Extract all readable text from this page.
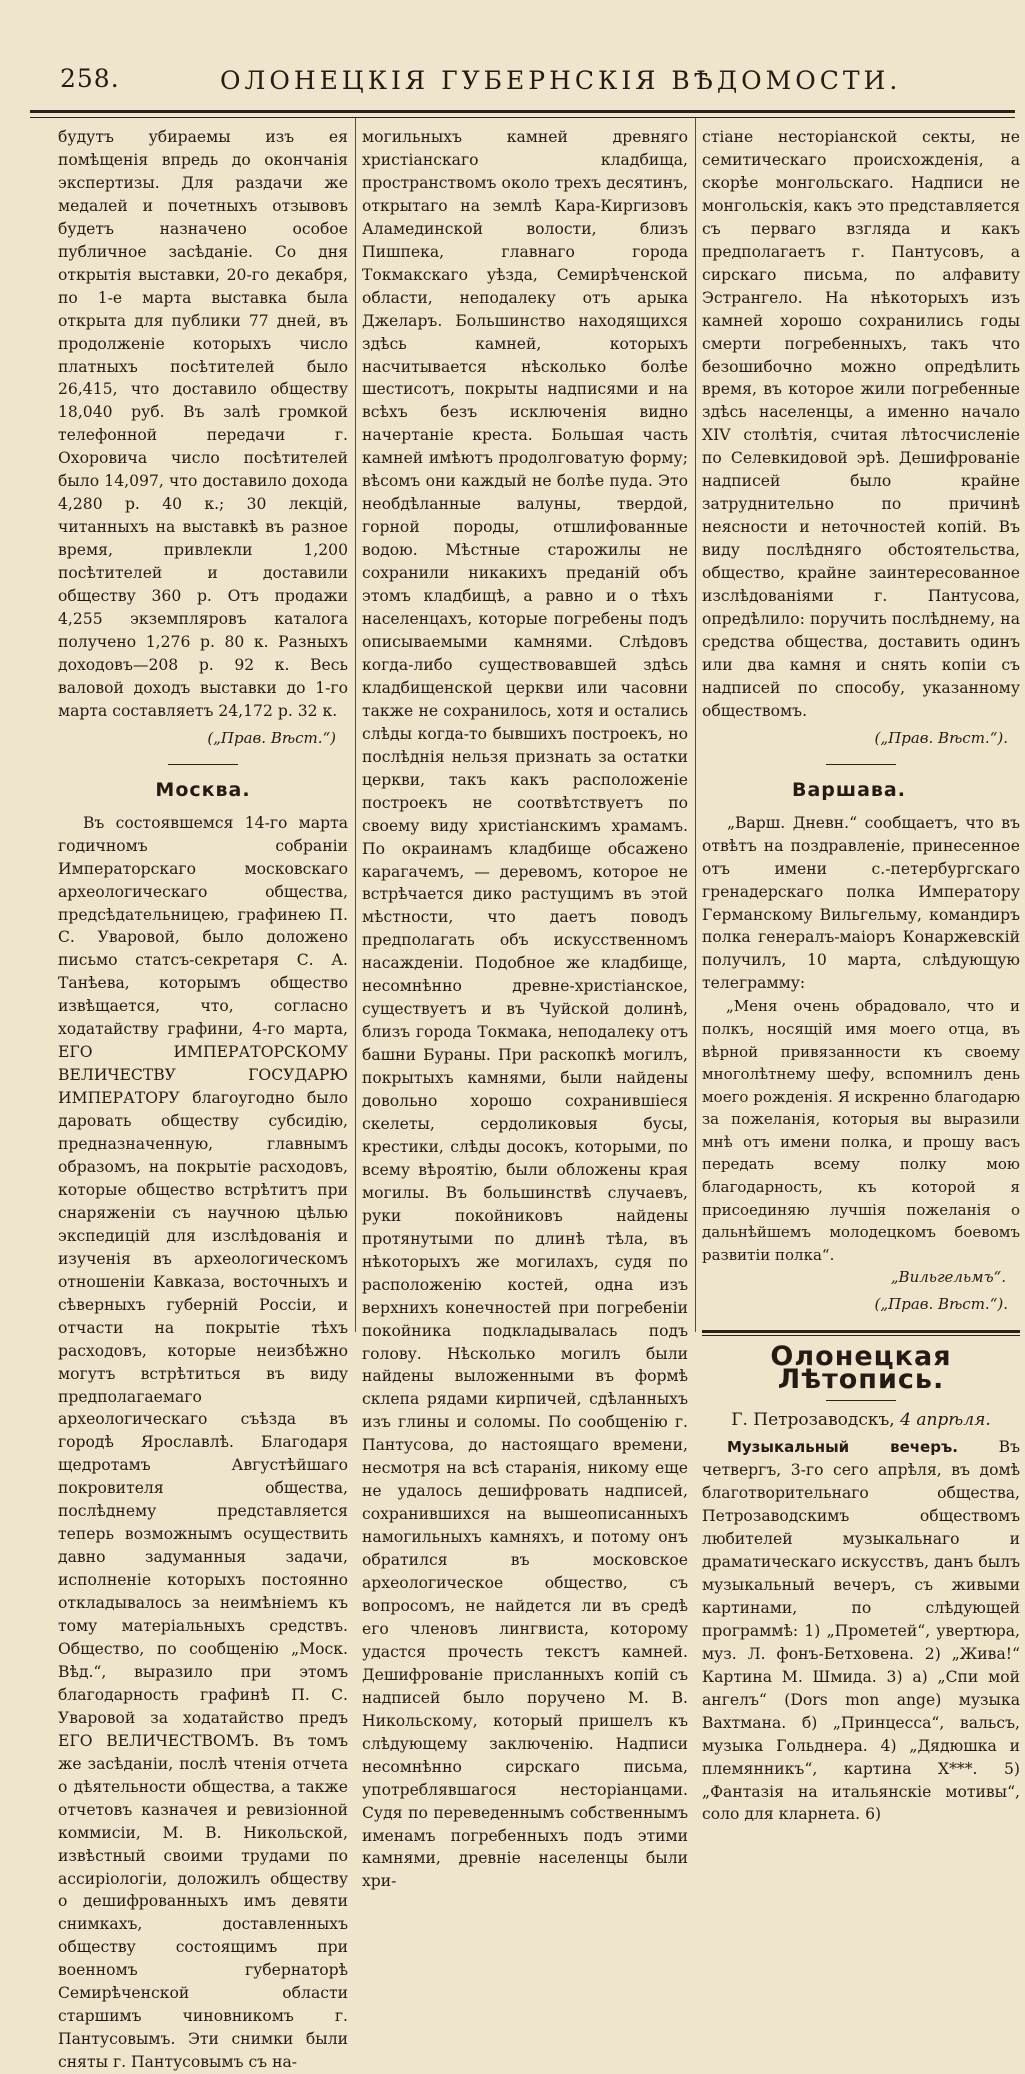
258.	ОЛОНЕЦКІЯ ГУБЕРНСКІЯ ВѢДОМОСТИ.

будутъ убираемы изъ ея помѣщенія впредь до окончанія экспертизы. Для раздачи же медалей и почетныхъ отзывовъ будетъ назначено особое публичное засѣданіе. Со дня открытія выставки, 20-го декабря, по 1-е марта выставка была открыта для публики 77 дней, въ продолженіе которыхъ число платныхъ посѣтителей было 26,415, что доставило обществу 18,040 руб. Въ залѣ громкой телефонной передачи г. Охоровича число посѣтителей было 14,097, что доставило дохода 4,280 р. 40 к.; 30 лекцій, читанныхъ на выставкѣ въ разное время, привлекли 1,200 посѣтителей и доставили обществу 360 р. Отъ продажи 4,255 экземпляровъ каталога получено 1,276 р. 80 к. Разныхъ доходовъ—208 р. 92 к. Весь валовой доходъ выставки до 1-го марта составляетъ 24,172 р. 32 к.

(„Прав. Вѣст.“)
Москва.

Въ состоявшемся 14-го марта годичномъ собраніи Императорскаго московскаго археологическаго общества, предсѣдательницею, графинею П. С. Уваровой, было доложено письмо статсъ-секретаря С. А. Танѣева, которымъ общество извѣщается, что, согласно ходатайству графини, 4-го марта, ЕГО ИМПЕРАТОРСКОМУ ВЕЛИЧЕСТВУ ГОСУДАРЮ ИМПЕРАТОРУ благоугодно было даровать обществу субсидію, предназначенную, главнымъ образомъ, на покрытіе расходовъ, которые общество встрѣтитъ при снаряженіи съ научною цѣлью экспедицій для изслѣдованія и изученія въ археологическомъ отношеніи Кавказа, восточныхъ и сѣверныхъ губерній Россіи, и отчасти на покрытіе тѣхъ расходовъ, которые неизбѣжно могутъ встрѣтиться въ виду предполагаемаго археологическаго съѣзда въ городѣ Ярославлѣ. Благодаря щедротамъ Августѣйшаго покровителя общества, послѣднему представляется теперь возможнымъ осуществить давно задуманныя задачи, исполненіе которыхъ постоянно откладывалось за неимѣніемъ къ тому матеріальныхъ средствъ. Общество, по сообщенію „Моск. Вѣд.“, выразило при этомъ благодарность графинѣ П. С. Уваровой за ходатайство предъ ЕГО ВЕЛИЧЕСТВОМЪ. Въ томъ же засѣданіи, послѣ чтенія отчета о дѣятельности общества, а также отчетовъ казначея и ревизіонной коммисіи, М. В. Никольской, извѣстный своими трудами по ассиріологіи, доложилъ обществу о дешифрованныхъ имъ девяти снимкахъ, доставленныхъ обществу состоящимъ при военномъ губернаторѣ Семирѣченской области старшимъ чиновникомъ г. Пантусовымъ. Эти снимки были сняты г. Пантусовымъ съ на-

могильныхъ камней древняго христіанскаго кладбища, пространствомъ около трехъ десятинъ, открытаго на землѣ Кара-Киргизовъ Аламединской волости, близъ Пишпека, главнаго города Токмакскаго уѣзда, Семирѣченской области, неподалеку отъ арыка Джеларъ. Большинство находящихся здѣсь камней, которыхъ насчитывается нѣсколько болѣе шестисотъ, покрыты надписями и на всѣхъ безъ исключенія видно начертаніе креста. Большая часть камней имѣютъ продолговатую форму; вѣсомъ они каждый не болѣе пуда. Это необдѣланные валуны, твердой, горной породы, отшлифованные водою. Мѣстные старожилы не сохранили никакихъ преданій объ этомъ кладбищѣ, а равно и о тѣхъ населенцахъ, которые погребены подъ описываемыми камнями. Слѣдовъ когда-либо существовавшей здѣсь кладбищенской церкви или часовни также не сохранилось, хотя и остались слѣды когда-то бывшихъ построекъ, но послѣднія нельзя признать за остатки церкви, такъ какъ расположеніе построекъ не соотвѣтствуетъ по своему виду христіанскимъ храмамъ. По окраинамъ кладбище обсажено карагачемъ, — деревомъ, которое не встрѣчается дико растущимъ въ этой мѣстности, что даетъ поводъ предполагать объ искусственномъ насажденіи. Подобное же кладбище, несомнѣнно древне-христіанское, существуетъ и въ Чуйской долинѣ, близъ города Токмака, неподалеку отъ башни Бураны. При раскопкѣ могилъ, покрытыхъ камнями, были найдены довольно хорошо сохранившіеся скелеты, сердоликовыя бусы, крестики, слѣды досокъ, которыми, по всему вѣроятію, были обложены края могилы. Въ большинствѣ случаевъ, руки покойниковъ найдены протянутыми по длинѣ тѣла, въ нѣкоторыхъ же могилахъ, судя по расположенію костей, одна изъ верхнихъ конечностей при погребеніи покойника подкладывалась подъ голову. Нѣсколько могилъ были найдены выложенными въ формѣ склепа рядами кирпичей, сдѣланныхъ изъ глины и соломы. По сообщенію г. Пантусова, до настоящаго времени, несмотря на всѣ старанія, никому еще не удалось дешифровать надписей, сохранившихся на вышеописанныхъ намогильныхъ камняхъ, и потому онъ обратился въ московское археологическое общество, съ вопросомъ, не найдется ли въ средѣ его членовъ лингвиста, которому удастся прочесть текстъ камней. Дешифрованіе присланныхъ копій съ надписей было поручено М. В. Никольскому, который пришелъ къ слѣдующему заключенію. Надписи несомнѣнно сирскаго письма, употреблявшагося несторіанцами. Судя по переведеннымъ собственнымъ именамъ погребенныхъ подъ этими камнями, древніе населенцы были хри-

стіане несторіанской секты, не семитическаго происхожденія, а скорѣе монгольскаго. Надписи не монгольскія, какъ это представляется съ перваго взгляда и какъ предполагаетъ г. Пантусовъ, а сирскаго письма, по алфавиту Эстрангело. На нѣкоторыхъ изъ камней хорошо сохранились годы смерти погребенныхъ, такъ что безошибочно можно опредѣлить время, въ которое жили погребенные здѣсь населенцы, а именно начало XIV столѣтія, считая лѣтосчисленіе по Селевкидовой эрѣ. Дешифрованіе надписей было крайне затруднительно по причинѣ неясности и неточностей копій. Въ виду послѣдняго обстоятельства, общество, крайне заинтересованное изслѣдованіями г. Пантусова, опредѣлило: поручить послѣднему, на средства общества, доставить одинъ или два камня и снять копіи съ надписей по способу, указанному обществомъ.

(„Прав. Вѣст.“).
Варшава.

„Варш. Дневн.“ сообщаетъ, что въ отвѣтъ на поздравленіе, принесенное отъ имени с.-петербургскаго гренадерскаго полка Императору Германскому Вильгельму, командиръ полка генералъ-маіоръ Конаржевскій получилъ, 10 марта, слѣдующую телеграмму:

„Меня очень обрадовало, что и полкъ, носящій имя моего отца, въ вѣрной привязанности къ своему многолѣтнему шефу, вспомнилъ день моего рожденія. Я искренно благодарю за пожеланія, которыя вы выразили мнѣ отъ имени полка, и прошу васъ передать всему полку мою благодарность, къ которой я присоединяю лучшія пожеланія о дальнѣйшемъ молодецкомъ боевомъ развитіи полка“.

„Вильгельмъ“.
(„Прав. Вѣст.“).
Олонецкая Лѣтопись.
Г. Петрозаводскъ, 4 апрѣля.

Музыкальный вечеръ. Въ четвергъ, 3-го сего апрѣля, въ домѣ благотворительнаго общества, Петрозаводскимъ обществомъ любителей музыкальнаго и драматическаго искусствъ, данъ былъ музыкальный вечеръ, съ живыми картинами, по слѣдующей программѣ: 1) „Прометей“, увертюра, муз. Л. фонъ-Бетховена. 2) „Жива!“ Картина М. Шмида. 3) а) „Спи мой ангелъ“ (Dors mon ange) музыка Вахтмана. б) „Принцесса“, вальсъ, музыка Гольднера. 4) „Дядюшка и племянникъ“, картина Х***. 5) „Фантазія на итальянскіе мотивы“, соло для кларнета. 6)
